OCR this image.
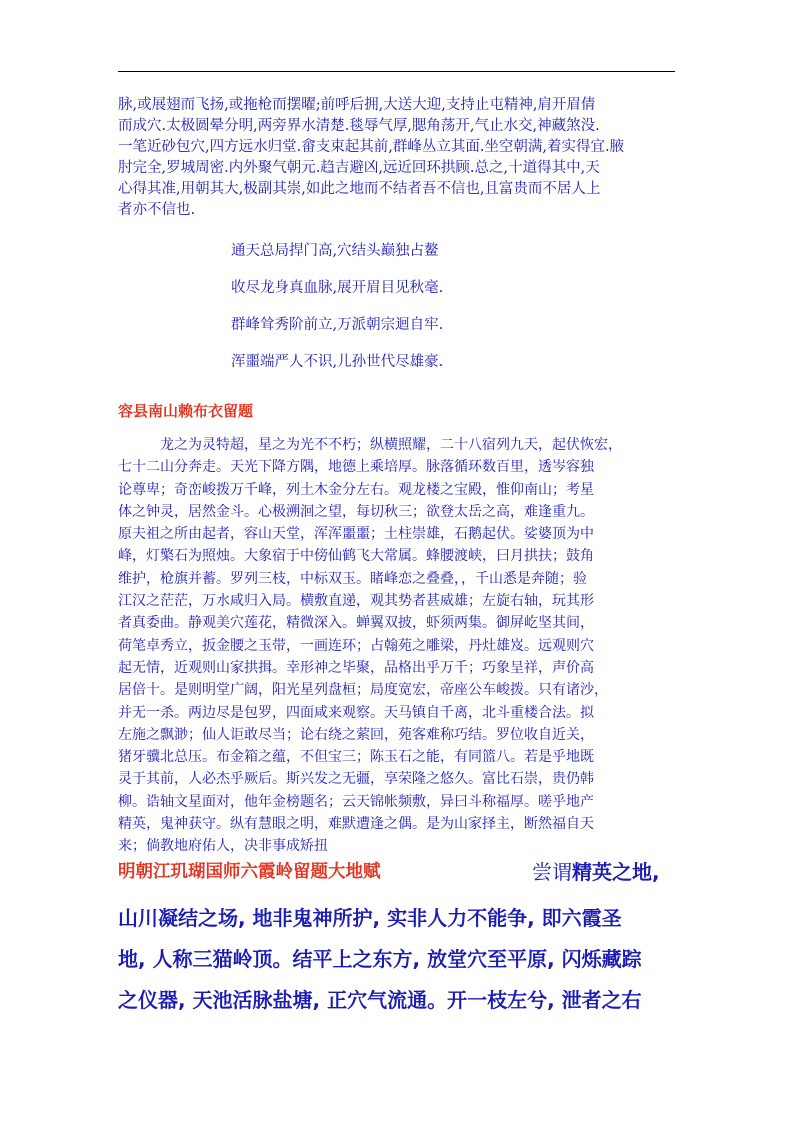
脉,或展翅而飞扬,或拖枪而摆曜;前呼后拥,大送大迎,支持止屯精神,肩开眉倩
而成穴.太极圆晕分明,两旁界水清楚.毯辱气厚,腮角荡开,气止水交,神藏煞没.
一笔近砂包穴,四方远水归堂.畲支束起其前,群峰丛立其面.坐空朝满,着实得宜.腋
肘完全,罗城周密.内外聚气朝元.趋吉避凶,远近回环拱顾.总之,十道得其中,天
心得其准,用朝其大,极副其崇,如此之地而不结者吾不信也,且富贵而不居人上
者亦不信也.
通天总局捍门高,穴结头巅独占鳌
收尽龙身真血脉,展开眉目见秋毫.
群峰耸秀阶前立,万派朝宗迴自牢.
浑噩端严人不识,儿孙世代尽雄豪.
容县南山赖布衣留题
龙之为灵特超，星之为光不不朽；纵横照耀，二十八宿列九天，起伏恢宏，
七十二山分奔走。天光下降方隅，地德上乘培厚。脉落循环数百里，透岑容独
论尊卑；奇峦峻拨万千峰，列土木金分左右。观龙楼之宝殿，惟仰南山；考星
体之钟灵，居然金斗。心极溯洄之望，每切秋三；欲登太岳之高，难逢重九。
原夫祖之所由起者，容山天堂，浑浑噩噩；土柱崇雄，石鹅起伏。娑婆顶为中
峰，灯檠石为照烛。大象宿于中傍仙鹤飞大常属。蜂腰渡峡，曰月拱扶；鼓角
维护，枪旗并蓄。罗列三枝，中标双玉。睹峰恋之叠叠，，千山悉是奔随；验
江汉之茫茫，万水咸归入局。横敷直递，观其势者甚威雄；左旋右轴，玩其形
者真委曲。静观美穴莲花，精微深入。蝉翼双披，虾须两集。御屏屹坚其间，
荷笔卓秀立，扳金腰之玉带，一画连环；占翰苑之雕梁，丹灶雄岌。远观则穴
起无情，近观则山家拱揖。幸形神之毕聚，品格出乎万千；巧象呈祥，声价高
居倍十。是则明堂广阔，阳光星列盘桓；局度宽宏，帝座公车峻拨。只有诸沙，
并无一杀。两边尽是包罗，四面咸来观察。天马镇自千离，北斗重楼合法。拟
左施之飘渺；仙人讵敢尽当；论右绕之萦回，苑客难称巧结。罗位收自近关，
猪牙骥北总压。布金箱之蕴，不但宝三；陈玉石之能，有同篮八。若是乎地既
灵于其前，人必杰乎厥后。斯兴发之无疆，享荣隆之悠久。富比石崇，贵仍韩
柳。诰轴文星面对，他年金榜题名；云天锦帐频敷，异曰斗称福厚。嗟乎地产
精英，鬼神获守。纵有慧眼之明，难默遭逢之偶。是为山家择主，断然福自天
来；倘教地府佑人，决非事成矫扭
明朝江玑瑚国师六霞岭留题大地赋	尝谓精英之地,
山川凝结之场, 地非鬼神所护, 实非人力不能争, 即六霞圣
地, 人称三猫岭顶。结平上之东方, 放堂穴至平原, 闪烁藏踪
之仪器, 天池活脉盐塘, 正穴气流通。开一枝左兮, 泄者之右
